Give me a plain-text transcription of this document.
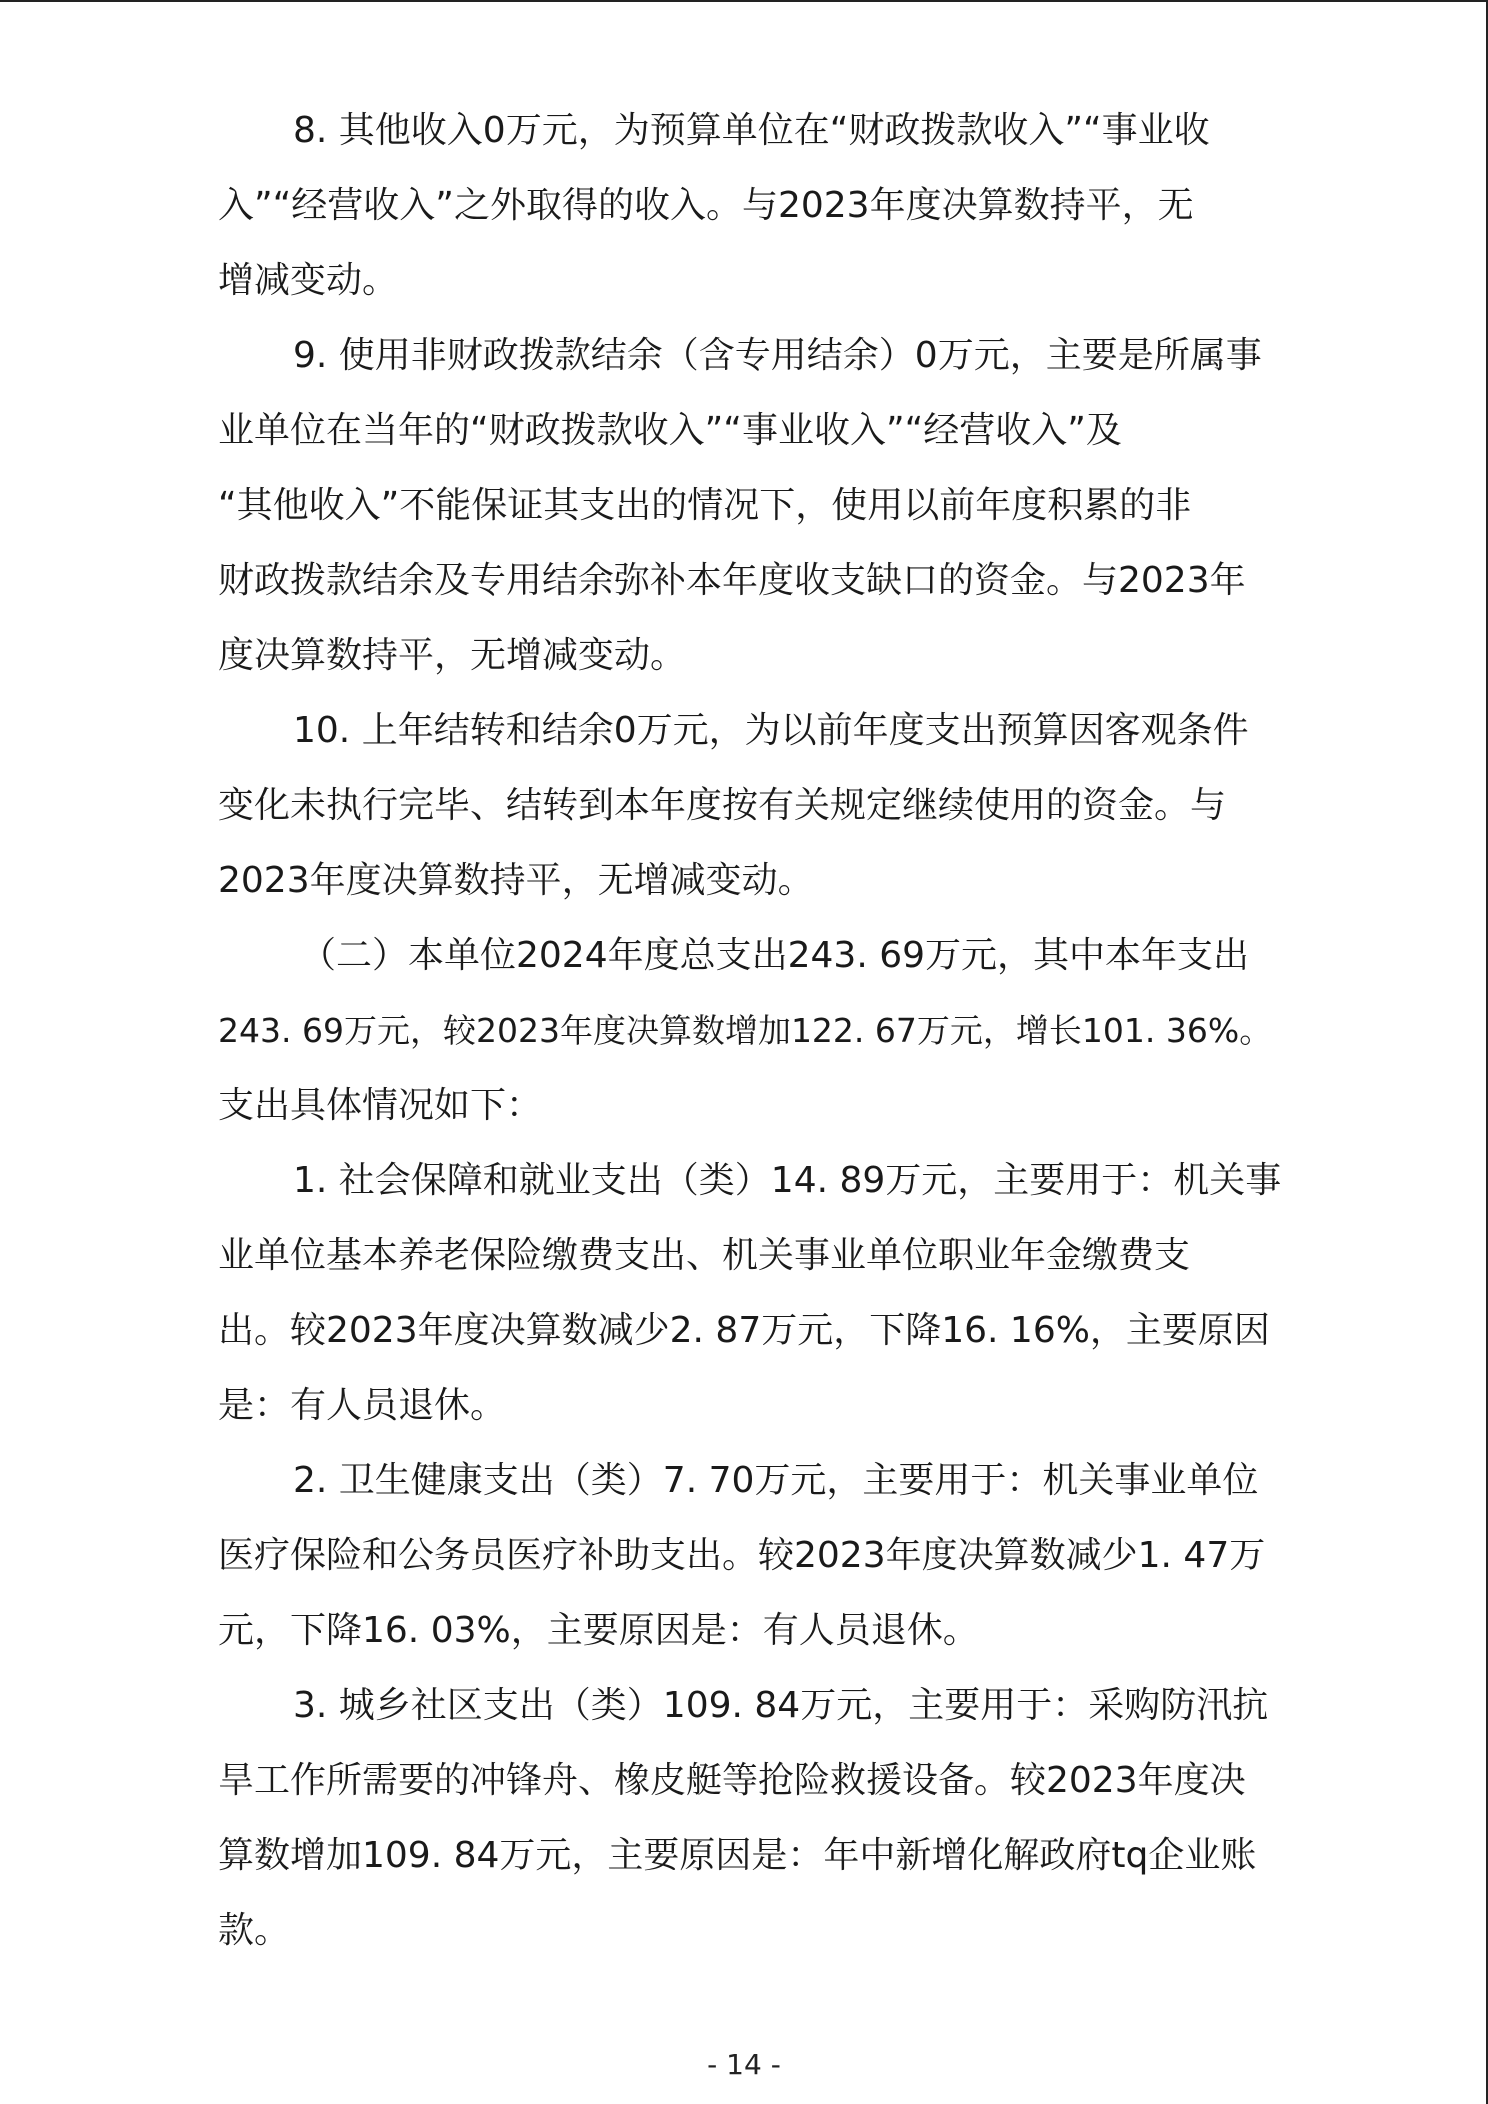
8. 其他收入0万元，为预算单位在“财政拨款收入”“事业收
入”“经营收入”之外取得的收入。与2023年度决算数持平，无
增减变动。
9. 使用非财政拨款结余（含专用结余）0万元，主要是所属事
业单位在当年的“财政拨款收入”“事业收入”“经营收入”及
“其他收入”不能保证其支出的情况下，使用以前年度积累的非
财政拨款结余及专用结余弥补本年度收支缺口的资金。与2023年
度决算数持平，无增减变动。
10. 上年结转和结余0万元，为以前年度支出预算因客观条件
变化未执行完毕、结转到本年度按有关规定继续使用的资金。与
2023年度决算数持平，无增减变动。
（二）本单位2024年度总支出243. 69万元，其中本年支出
243. 69万元，较2023年度决算数增加122. 67万元，增长101. 36%。
支出具体情况如下：
1. 社会保障和就业支出（类）14. 89万元，主要用于：机关事
业单位基本养老保险缴费支出、机关事业单位职业年金缴费支
出。较2023年度决算数减少2. 87万元，下降16. 16%，主要原因
是：有人员退休。
2. 卫生健康支出（类）7. 70万元，主要用于：机关事业单位
医疗保险和公务员医疗补助支出。较2023年度决算数减少1. 47万
元，下降16. 03%，主要原因是：有人员退休。
3. 城乡社区支出（类）109. 84万元，主要用于：采购防汛抗
旱工作所需要的冲锋舟、橡皮艇等抢险救援设备。较2023年度决
算数增加109. 84万元，主要原因是：年中新增化解政府tq企业账
款。
- 14 -
